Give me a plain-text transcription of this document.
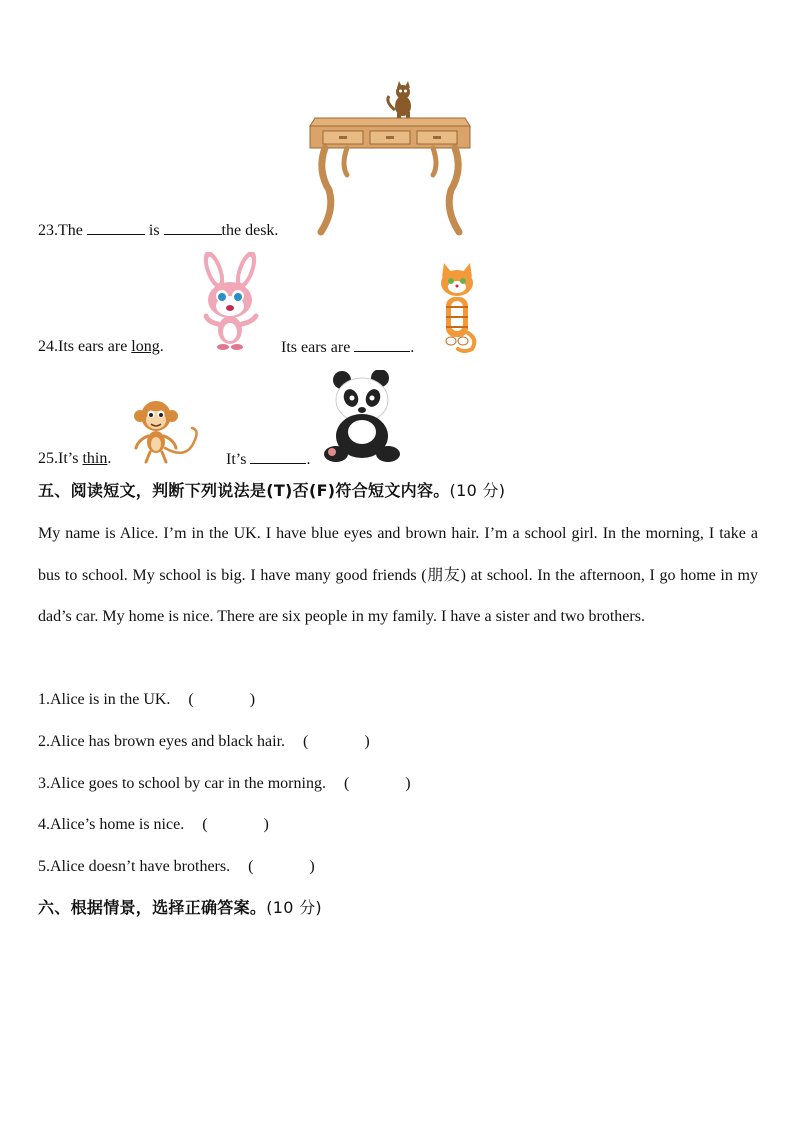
23.The	is	the desk.
24.Its ears are long.	Its ears are	.
25.It’s thin.	It’s	.
五、阅读短文，判断下列说法是(T)否(F)符合短文内容。(10 分)
My name is Alice. I’m in the UK. I have blue eyes and brown hair. I’m a school girl. In the morning, I take a bus to school. My school is big. I have many good friends (朋友) at school. In the afternoon, I go home in my dad’s car. My home is nice. There are six people in my family. I have a sister and two brothers.
1.Alice is in the UK. (	)
2.Alice has brown eyes and black hair. (	)
3.Alice goes to school by car in the morning. (	)
4.Alice’s home is nice. (	)
5.Alice doesn’t have brothers. (	)
六、根据情景，选择正确答案。(10 分)
